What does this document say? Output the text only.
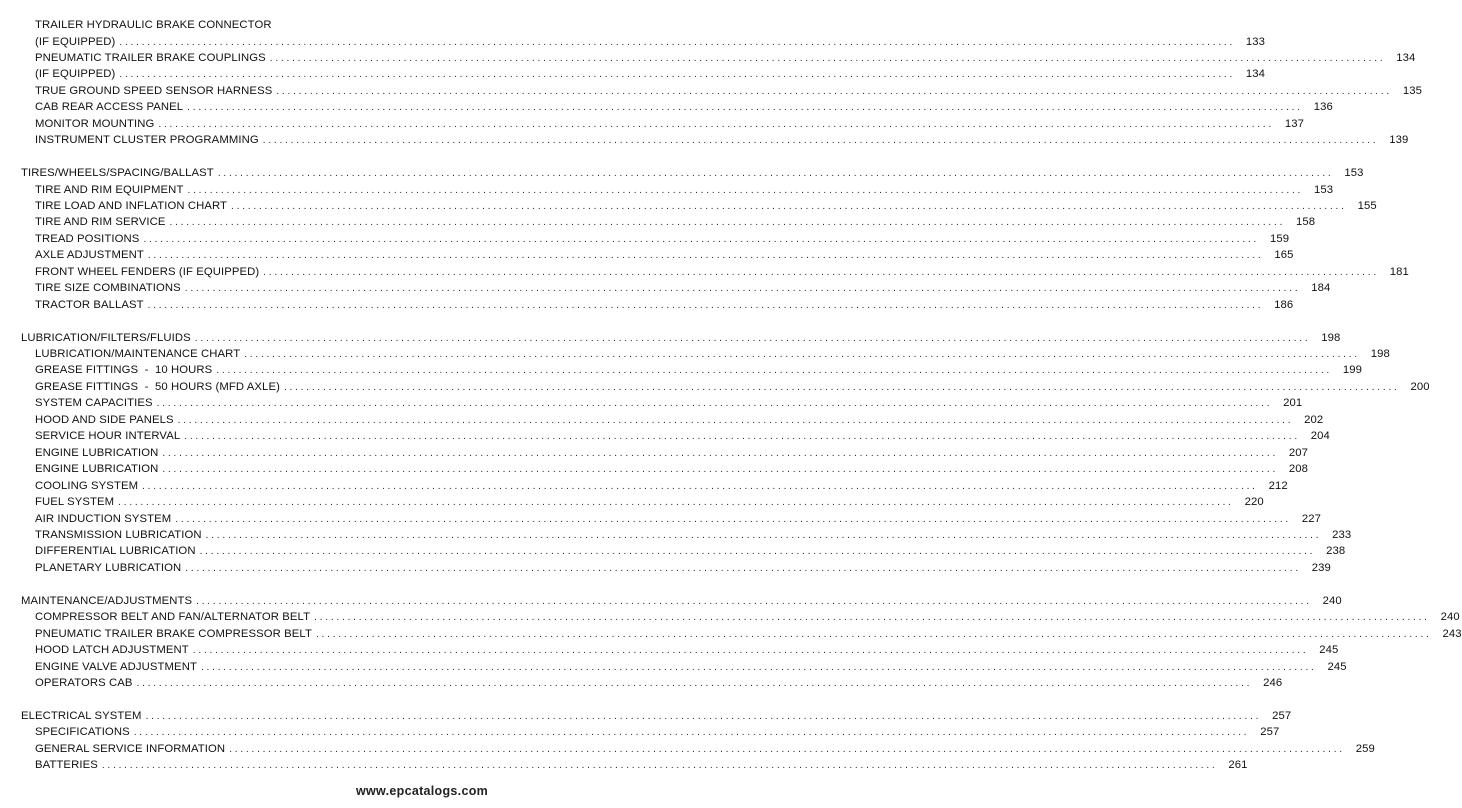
TRAILER HYDRAULIC BRAKE CONNECTOR
(IF EQUIPPED) ........................................................................................................................................................................................................ 133
PNEUMATIC TRAILER BRAKE COUPLINGS ........................................................................................................................................................................................................ 134
(IF EQUIPPED) ........................................................................................................................................................................................................ 134
TRUE GROUND SPEED SENSOR HARNESS ........................................................................................................................................................................................................ 135
CAB REAR ACCESS PANEL ........................................................................................................................................................................................................ 136
MONITOR MOUNTING ........................................................................................................................................................................................................ 137
INSTRUMENT CLUSTER PROGRAMMING ........................................................................................................................................................................................................ 139
TIRES/WHEELS/SPACING/BALLAST ........................................................................................................................................................................................................ 153
TIRE AND RIM EQUIPMENT ........................................................................................................................................................................................................ 153
TIRE LOAD AND INFLATION CHART ........................................................................................................................................................................................................ 155
TIRE AND RIM SERVICE ........................................................................................................................................................................................................ 158
TREAD POSITIONS ........................................................................................................................................................................................................ 159
AXLE ADJUSTMENT ........................................................................................................................................................................................................ 165
FRONT WHEEL FENDERS (IF EQUIPPED) ........................................................................................................................................................................................................ 181
TIRE SIZE COMBINATIONS ........................................................................................................................................................................................................ 184
TRACTOR BALLAST ........................................................................................................................................................................................................ 186
LUBRICATION/FILTERS/FLUIDS ........................................................................................................................................................................................................ 198
LUBRICATION/MAINTENANCE CHART ........................................................................................................................................................................................................ 198
GREASE FITTINGS  -  10 HOURS ........................................................................................................................................................................................................ 199
GREASE FITTINGS  -  50 HOURS (MFD AXLE) ........................................................................................................................................................................................................ 200
SYSTEM CAPACITIES ........................................................................................................................................................................................................ 201
HOOD AND SIDE PANELS ........................................................................................................................................................................................................ 202
SERVICE HOUR INTERVAL ........................................................................................................................................................................................................ 204
ENGINE LUBRICATION ........................................................................................................................................................................................................ 207
ENGINE LUBRICATION ........................................................................................................................................................................................................ 208
COOLING SYSTEM ........................................................................................................................................................................................................ 212
FUEL SYSTEM ........................................................................................................................................................................................................ 220
AIR INDUCTION SYSTEM ........................................................................................................................................................................................................ 227
TRANSMISSION LUBRICATION ........................................................................................................................................................................................................ 233
DIFFERENTIAL LUBRICATION ........................................................................................................................................................................................................ 238
PLANETARY LUBRICATION ........................................................................................................................................................................................................ 239
MAINTENANCE/ADJUSTMENTS ........................................................................................................................................................................................................ 240
COMPRESSOR BELT AND FAN/ALTERNATOR BELT ........................................................................................................................................................................................................ 240
PNEUMATIC TRAILER BRAKE COMPRESSOR BELT ........................................................................................................................................................................................................ 243
HOOD LATCH ADJUSTMENT ........................................................................................................................................................................................................ 245
ENGINE VALVE ADJUSTMENT ........................................................................................................................................................................................................ 245
OPERATORS CAB ........................................................................................................................................................................................................ 246
ELECTRICAL SYSTEM ........................................................................................................................................................................................................ 257
SPECIFICATIONS ........................................................................................................................................................................................................ 257
GENERAL SERVICE INFORMATION ........................................................................................................................................................................................................ 259
BATTERIES ........................................................................................................................................................................................................ 261
www.epcatalogs.com
